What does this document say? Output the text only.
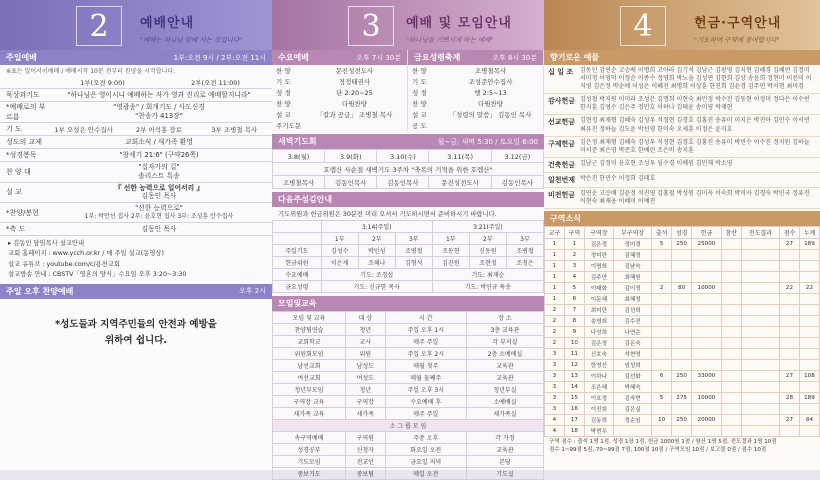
2	예배안내
"예배는 하나님 앞에 서는 것입니다"
주일예배	1부:오전 9시 / 2부:오전 11시
※표는 일어서서예배 / 예배시작 10분 전부터 찬양을 시작합니다.
1부(오전 9:00)	2부(오전 11:00)
묵상과기도	"하나님은 영이시니 예배하는 자가 영과 진리로 예배할지니라"
*예배로의 부르름
"영광송" / 회개기도 / 사도신경
"찬송가 413장"
기 도	1부 오성은 안수집사	2부 이석홍 장로	3부 조병철 목사
성도의 교제	교회소식 / 새가족 환영
*성경봉독	"창세기 21:6" (구약26쪽)
찬 양 대
"십자가의 길"
솔리스트 특송
설 교
『 선한 능력으로 일어서리 』
김동인 목사
*찬양/봉헌
"선한 능력으로"
1부: 박만선 집사 2부: 윤호현 집사 3부: 조성훈 안수집사
*축 도	김동인 목사
▸ 김동인 담임목사 설교안내
교회 홈페이지 : www.ycch.or.kr / 매 주일 설교(동영상)
설교 유튜브 : youtube.com/c/용천교회
설교방송 안내 : CBSTV「영혼의 양식」수요일 오후 3:20~3:30
주일 오후 찬양예배	오후 2시
*성도들과 지역주민들의 안전과 예방을
위하여 쉽니다.
3	예배 및 모임안내
"하나님을 기쁘시게 하는 예배"
수요예배	오후 7시 30분
찬 양	문진성전도사
기 도	정정태권사
성 경	단 2:20~25
찬 양	다윗찬양
설 교	「칼과 공급」 조병철 목사
주기도문
금요성령축제	오후 8시 30분
찬 양	조병철목사
기 도	조성준안수집사
성 경	행 2:5~13
찬 양	다윗찬양
설 교	「성령의 말씀」 김동인 목사
공 도
새벽기도회	월~금, 새벽 5:30 / 토요일 6:00
3.8(월)	3.9(화)	3.10(수)	3.11(목)	3.12(금)
호렙산 사순절 새벽기도 3주차 "축복의 기적을 위한 호렙산"				
조병철목사	김동인목사	김동인목사	문진성전도사	김동인목사
다음주섬김안내
기도위원과 헌금위원은 30분전 미리 오셔서 기도하시면서 준비하시기 바랍니다.
	3.14(주일)			3.21(주일)		
	1부	2부	3부	1부	2부	3부
주일기도	김성수	박인성	조병철	조동현	신동원	조병철
헌금위원	이은재	조해나	김형석	김진원	조현정	조정은
수요예배	기도: 조경섭			기도: 최재순		
금요성령	기도: 신규한 목사			기도: 박인규 특송		
모임및교육
모임 및 교육	대 상	시 간	장 소
찬양팀연습	청년	주일 오후 1시	3층 교육관
교회학교	교사	매주 주일	각 부서실
위원회모임	위원	주일 오후 2시	2층 소예배실
남선교회	남성도	매월 첫주	교육관
여선교회	여성도	매월 둘째주	교육관
청년부모임	청년	주일 오후 3시	청년부실
구역장 교육	구역장	수요예배 후	소예배실
새가족 교육	새가족	매주 주일	새가족실
소 그 룹 모 임			
속구역예배	구역원	주중 오후	각 가정
성경공부	신청자	화요일 오전	교육관
기도모임	전교인	금요일 저녁	본당
중보기도	중보팀	매일 오전	기도실
4	헌금·구역안내
"기도하며 구역에 참여합시다"
향기로운 예물
십 일 조	김동인 김연순 고승배 이명희 고아라 김기석 김남근 김광영 김지현 김혜경 김혜연 김정미 서미정 이영덕 이정순 이종수 정영희 박노을 김성연 김현희 김상 송윤희 정현미 이선미 이지영 김은정 박순애 이성은 이혜진 최명희 이상훈 한진희 김윤경 김주연 박서현 최미경
감사헌금 김성철 박지원 이미라 조성은 김명희 이현숙 최민정 박수진 김동현 이정미 정다은 이수빈 한지훈 김영수 김은주 정민호 이하나 김태윤 송미영 박재현
선교헌금 김현정 최재형 김혜숙 김성우 석정현 김경호 김홍진 송유미 이지은 박진아 김민수 이서연 최유진 정하늘 김도윤 박선영 한미숙 오세훈 이정은 윤지호
구제헌금 김은정 최재형 김혜숙 김성우 석정현 김경호 김홍진 송유미 박민수 이수진 정지원 김하늘 이서준 최은영 박준호 한예린 조은비 송지훈
건축헌금 김남근 김정미 윤호현 조성우 임수경 이혜원 김민재 박소영
일천번제 박은진 한민수 이정희 김태호
비전헌금 김연순 고승배 김윤정 석진영 김홍철 박성원 김미옥 이숙희 박미자 김경숙 박민국 정유진 이현숙 최재웅 이혜미 이예진
구역소식
교구	구역	구역장	부구역장	출석	성경	헌금	참산	전도결과	점수	누계
1	1	김은정	정미경	5	250	25000			27	189
1	2	정미란	김혜정							
1	3	이명희	김남숙							
1	4	김주연	최혜원							
1	5	이태화	김이정	2	80	10000			22	22
1	6	이문혜	최혜정							
2	7	최미란	김선희							
2	8	송영희	김수진							
2	9	나성희	나연순							
2	10	김은정	김은숙							
3	11	신호숙	석현영							
3	12	한영선	임성희							
3	13	이하나	김선화	6	250	33000			27	108
3	14	조은혜	박혜숙							
3	15	이호정	김자현	5	275	10000			28	189
3	16	이진희	김은실							
4	17	김동희	정순임	10	250	20000			27	84
4	18	박현우								
구역 점수 : 출석 1명 1점, 성경 1장 1점, 헌금 1000원 1점 / 참산 1명 5점, 전도결과 1명 10점
점수 1~99점 5점, 70~99점 7점, 100점 10점 / 구역모임 10점 / 보고불 0점 / 점수 10점
